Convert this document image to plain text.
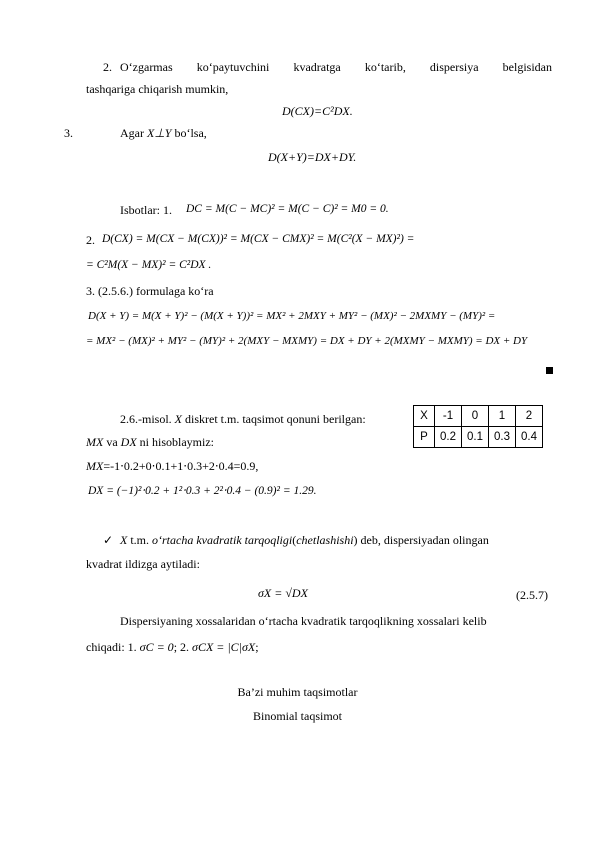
2. O‘zgarmas ko‘paytuvchini kvadratga ko‘tarib, dispersiya belgisidan
tashqariga chiqarish mumkin,
D(CX)=C²DX.
3.	Agar X⊥Y bo‘lsa,
D(X+Y)=DX+DY.
Isbotlar: 1. DC = M(C − MC)² = M(C − C)² = M0 = 0.
2. D(CX) = M(CX − M(CX))² = M(CX − CMX)² = M(C²(X − MX)²) =
= C²M(X − MX)² = C²DX .
3. (2.5.6.) formulaga ko‘ra
D(X + Y) = M(X + Y)² − (M(X + Y))² = MX² + 2MXY + MY² − (MX)² − 2MXMY − (MY)² =
= MX² − (MX)² + MY² − (MY)² + 2(MXY − MXMY) = DX + DY + 2(MXMY − MXMY) = DX + DY
2.6.-misol. X diskret t.m. taqsimot qonuni berilgan:
MX va DX ni hisoblaymiz:
MX=-1⋅0.2+0⋅0.1+1⋅0.3+2⋅0.4=0.9,
DX = (−1)²⋅0.2 + 1²⋅0.3 + 2²⋅0.4 − (0.9)² = 1.29.
X	-1	0	1	2
P	0.2	0.1	0.3	0.4
✓ X t.m. o‘rtacha kvadratik tarqoqligi(chetlashishi) deb, dispersiyadan olingan
kvadrat ildizga aytiladi:
σX = √DX	(2.5.7)
Dispersiyaning xossalaridan o‘rtacha kvadratik tarqoqlikning xossalari kelib
chiqadi: 1. σC = 0; 2. σCX = |C|σX;
Ba’zi muhim taqsimotlar
Binomial taqsimot
